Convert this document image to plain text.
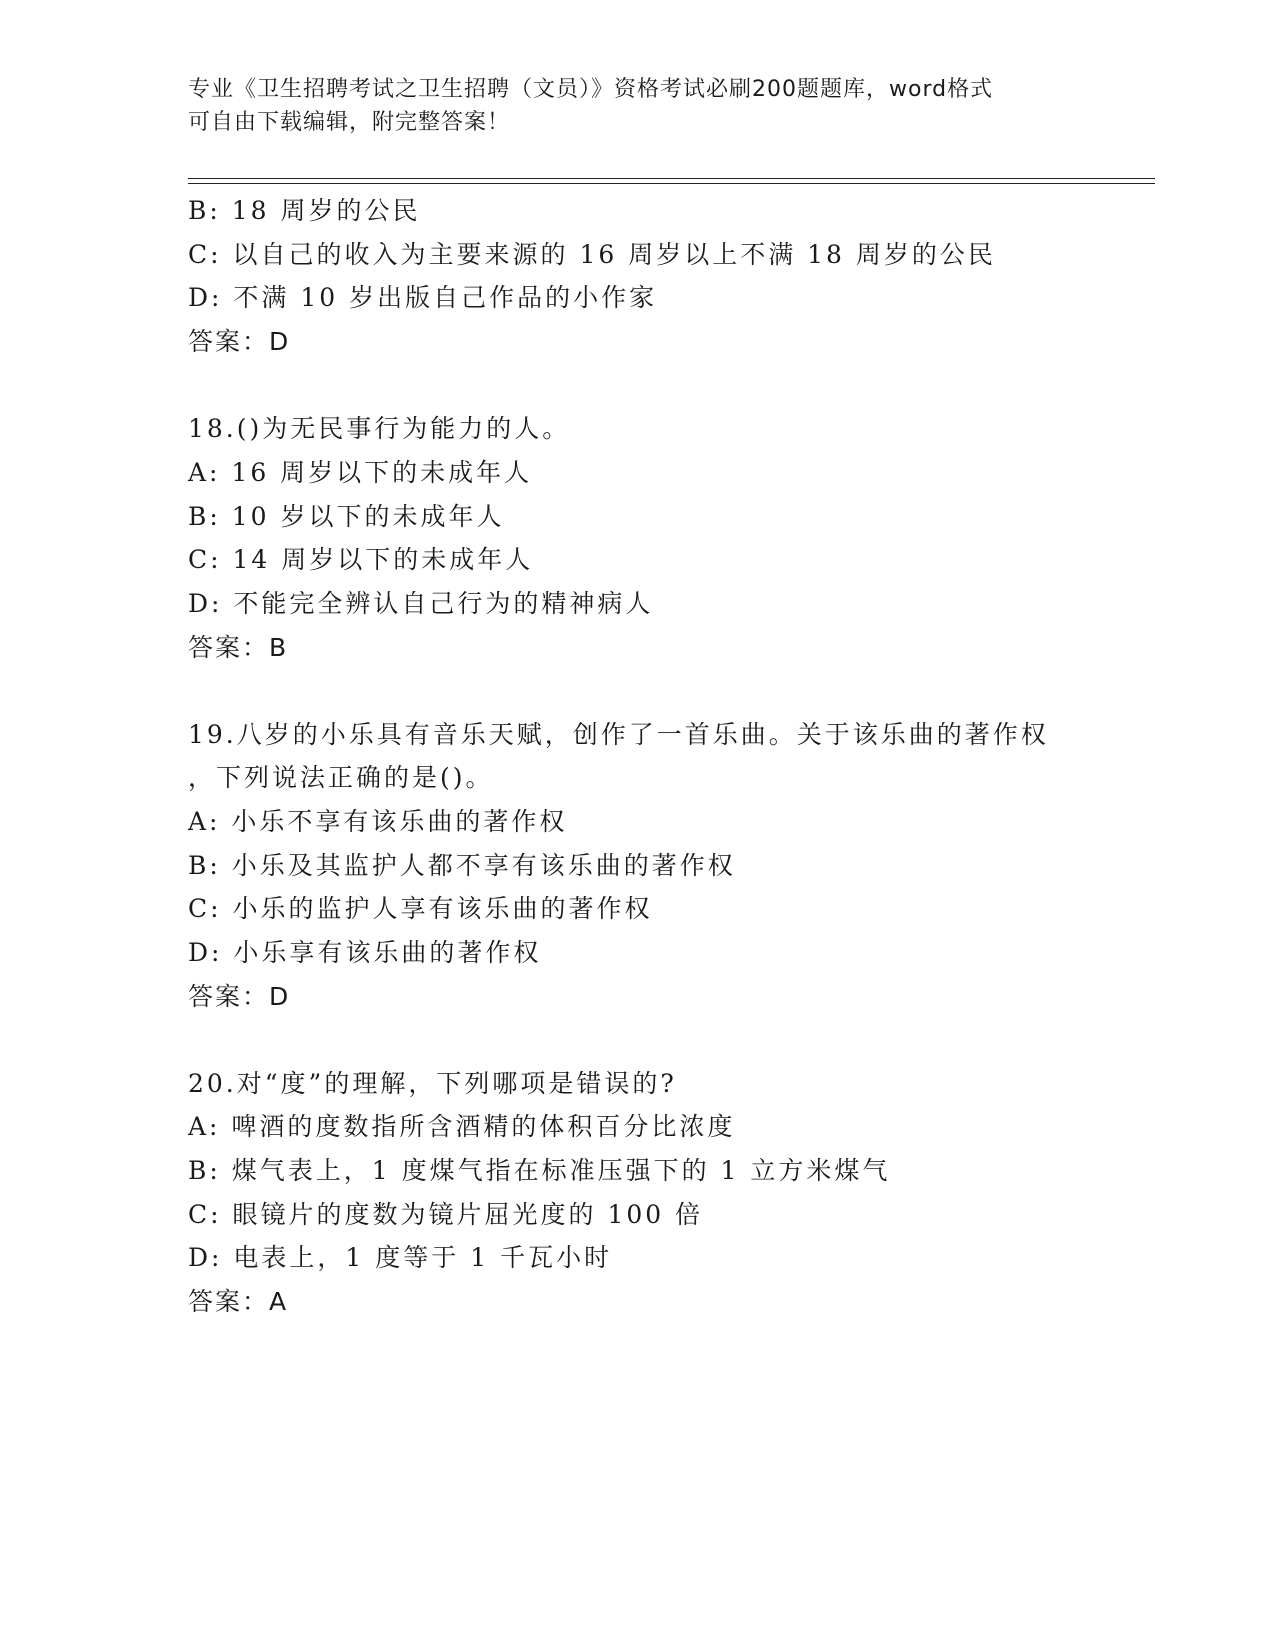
专业《卫生招聘考试之卫生招聘（文员）》资格考试必刷200题题库，word格式
可自由下载编辑，附完整答案！
B: 18 周岁的公民
C: 以自己的收入为主要来源的 16 周岁以上不满 18 周岁的公民
D: 不满 10 岁出版自己作品的小作家
答案：D
18.()为无民事行为能力的人。
A: 16 周岁以下的未成年人
B: 10 岁以下的未成年人
C: 14 周岁以下的未成年人
D: 不能完全辨认自己行为的精神病人
答案：B
19.八岁的小乐具有音乐天赋，创作了一首乐曲。关于该乐曲的著作权
，下列说法正确的是()。
A: 小乐不享有该乐曲的著作权
B: 小乐及其监护人都不享有该乐曲的著作权
C: 小乐的监护人享有该乐曲的著作权
D: 小乐享有该乐曲的著作权
答案：D
20.对“度”的理解，下列哪项是错误的?
A: 啤酒的度数指所含酒精的体积百分比浓度
B: 煤气表上，1 度煤气指在标准压强下的 1 立方米煤气
C: 眼镜片的度数为镜片屈光度的 100 倍
D: 电表上，1 度等于 1 千瓦小时
答案：A
